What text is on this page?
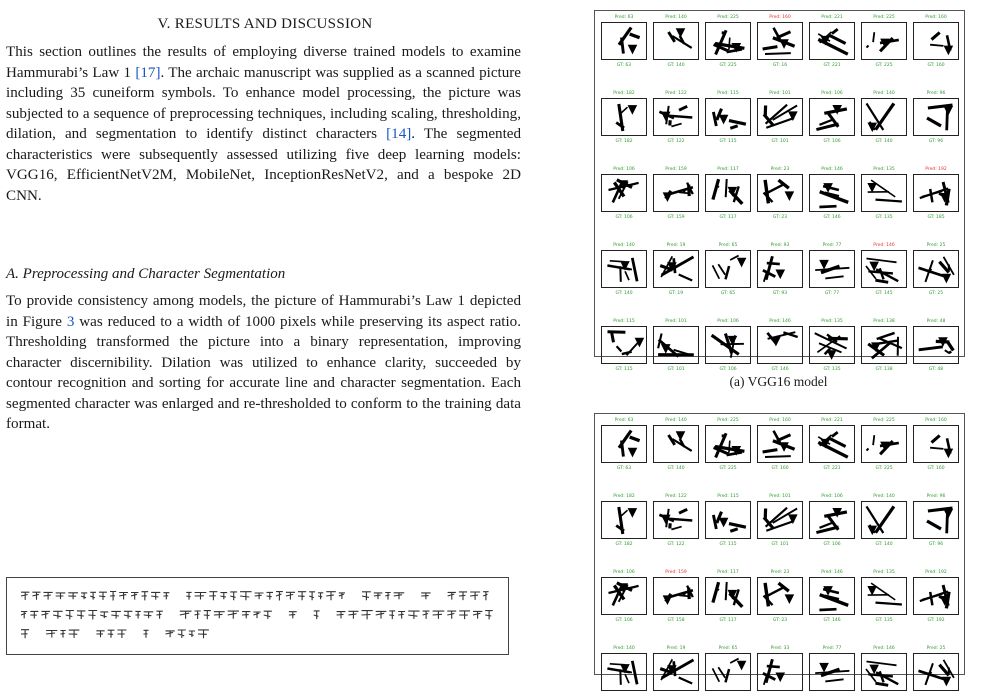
V. RESULTS AND DISCUSSION
This section outlines the results of employing diverse trained models to examine Hammurabi’s Law 1 [17]. The archaic manuscript was supplied as a scanned picture including 35 cuneiform symbols. To enhance model processing, the picture was subjected to a sequence of preprocessing techniques, including scaling, thresholding, dilation, and segmentation to identify distinct characters [14]. The segmented characteristics were subsequently assessed utilizing five deep learning models: VGG16, EfficientNetV2M, MobileNet, InceptionResNetV2, and a bespoke 2D CNN.
A. Preprocessing and Character Segmentation
To provide consistency among models, the picture of Hammurabi’s Law 1 depicted in Figure 3 was reduced to a width of 1000 pixels while preserving its aspect ratio. Thresholding transformed the picture into a binary representation, improving character discernibility. Dilation was utilized to enhance clarity, succeeded by contour recognition and sorting for accurate line and character segmentation. Each segmented character was enlarged and re-thresholded to conform to the training data format.
Pred: 63
GT: 63
Pred: 140
GT: 140
Pred: 225
GT: 225
Pred: 160
GT: 16
Pred: 221
GT: 221
Pred: 225
GT: 225
Pred: 160
GT: 160
Pred: 182
GT: 182
Pred: 122
GT: 122
Pred: 115
GT: 115
Pred: 101
GT: 101
Pred: 106
GT: 106
Pred: 140
GT: 140
Pred: 96
GT: 96
Pred: 106
GT: 106
Pred: 159
GT: 159
Pred: 117
GT: 117
Pred: 23
GT: 23
Pred: 146
GT: 146
Pred: 135
GT: 135
Pred: 192
GT: 185
Pred: 140
GT: 140
Pred: 19
GT: 19
Pred: 65
GT: 65
Pred: 93
GT: 93
Pred: 77
GT: 77
Pred: 146
GT: 145
Pred: 25
GT: 25
Pred: 115
GT: 115
Pred: 101
GT: 101
Pred: 106
GT: 106
Pred: 146
GT: 146
Pred: 135
GT: 135
Pred: 138
GT: 138
Pred: 48
GT: 48
(a) VGG16 model
Pred: 63
GT: 63
Pred: 140
GT: 140
Pred: 225
GT: 225
Pred: 160
GT: 160
Pred: 221
GT: 221
Pred: 225
GT: 225
Pred: 160
GT: 160
Pred: 182
GT: 182
Pred: 122
GT: 122
Pred: 115
GT: 115
Pred: 101
GT: 101
Pred: 106
GT: 106
Pred: 140
GT: 140
Pred: 96
GT: 96
Pred: 106
GT: 106
Pred: 159
GT: 158
Pred: 117
GT: 117
Pred: 23
GT: 23
Pred: 146
GT: 146
Pred: 135
GT: 135
Pred: 192
GT: 192
Pred: 140	Pred: 19	Pred: 65	Pred: 33	Pred: 77	Pred: 146	Pred: 25
